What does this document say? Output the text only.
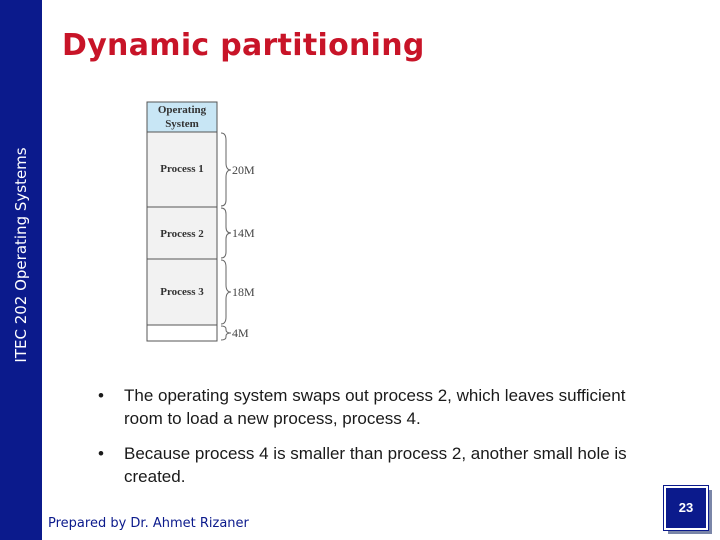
ITEC 202 Operating Systems
Dynamic partitioning
Operating
System
Process 1
Process 2
Process 3
20M
14M
18M
4M
•	The operating system swaps out process 2, which leaves sufficient room to load a new process, process 4.
•	Because process 4 is smaller than process 2, another small hole is created.
Prepared by Dr. Ahmet Rizaner
23
